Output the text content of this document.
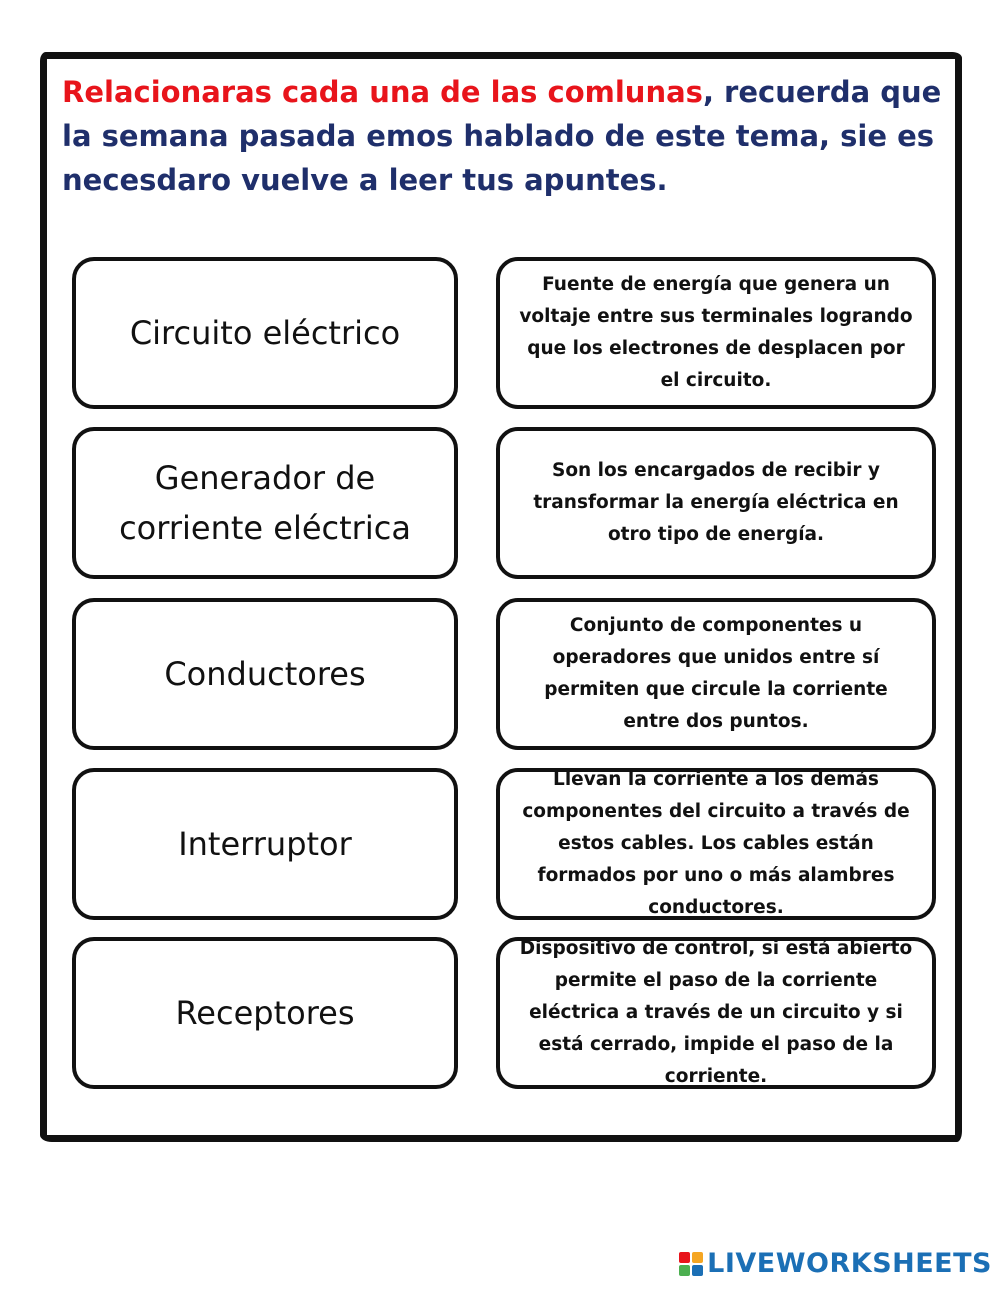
Relacionaras cada una de las comlunas, recuerda que la semana pasada emos hablado de este tema, sie es necesdaro vuelve a leer tus apuntes.
Circuito eléctrico
Generador de corriente eléctrica
Conductores
Interruptor
Receptores
Fuente de energía que genera un voltaje entre sus terminales logrando que los electrones de desplacen por el circuito.
Son los encargados de recibir y transformar la energía eléctrica en otro tipo de energía.
Conjunto de componentes u operadores que unidos entre sí permiten que circule la corriente entre dos puntos.
Llevan la corriente a los demás componentes del circuito a través de estos cables. Los cables están formados por uno o más alambres conductores.
Dispositivo de control, si está abierto permite el paso de la corriente eléctrica a través de un circuito y si está cerrado, impide el paso de la corriente.
LIVEWORKSHEETS
